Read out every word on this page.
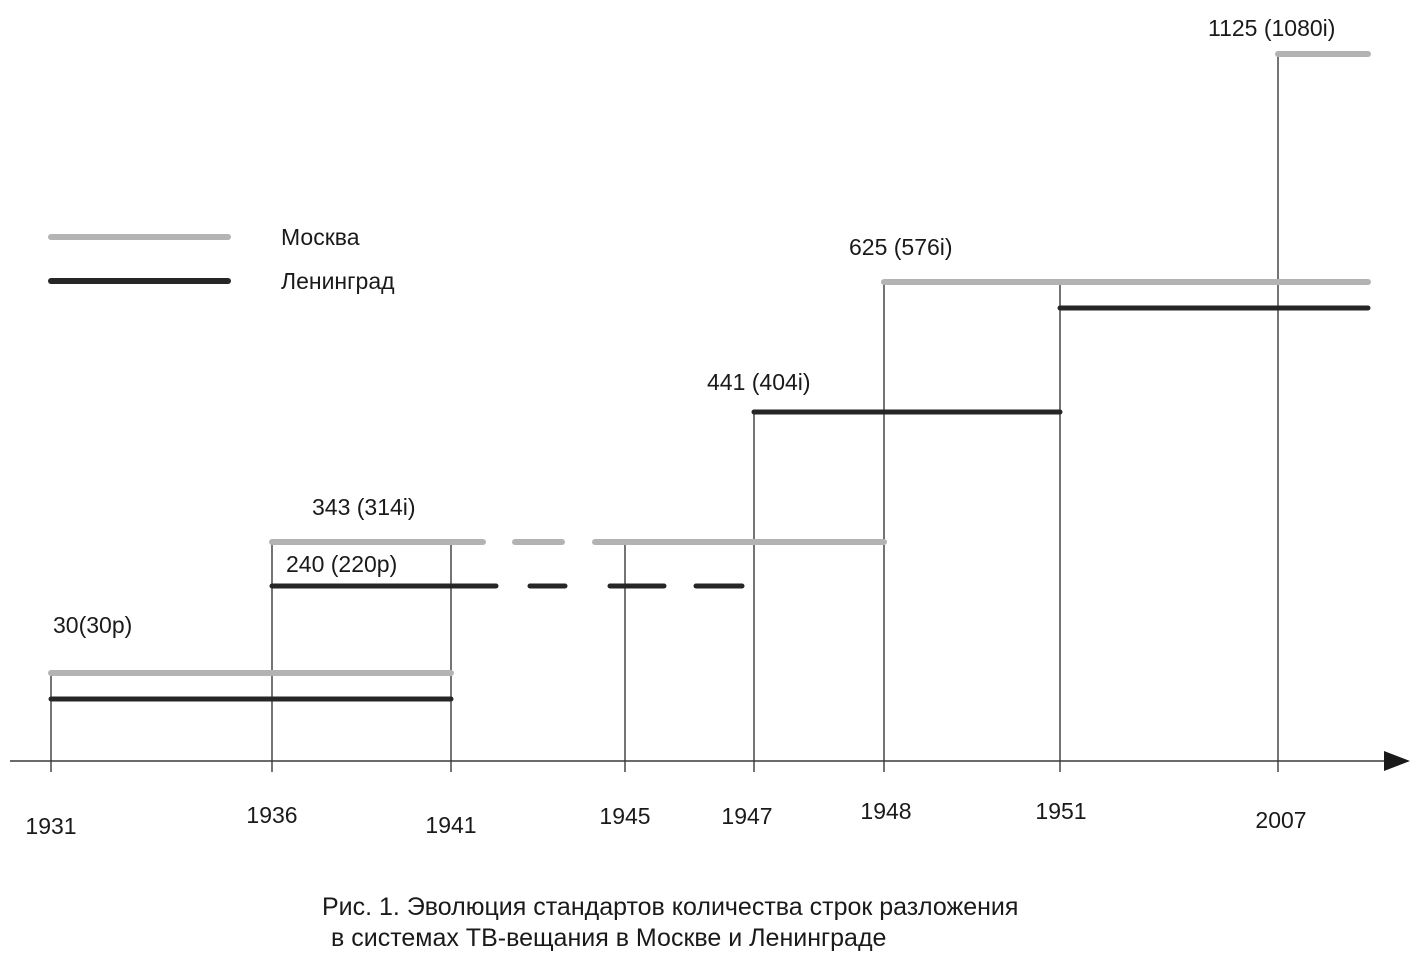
30(30p)
343 (314i)
625 (576i)
1125 (1080i)
240 (220p)
441 (404i)
1931	1936	1941	1945	1947	1948	1951	2007
Москва
Ленинград
Рис. 1. Эволюция стандартов количества строк разложения
в системах ТВ-вещания в Москве и Ленинграде
